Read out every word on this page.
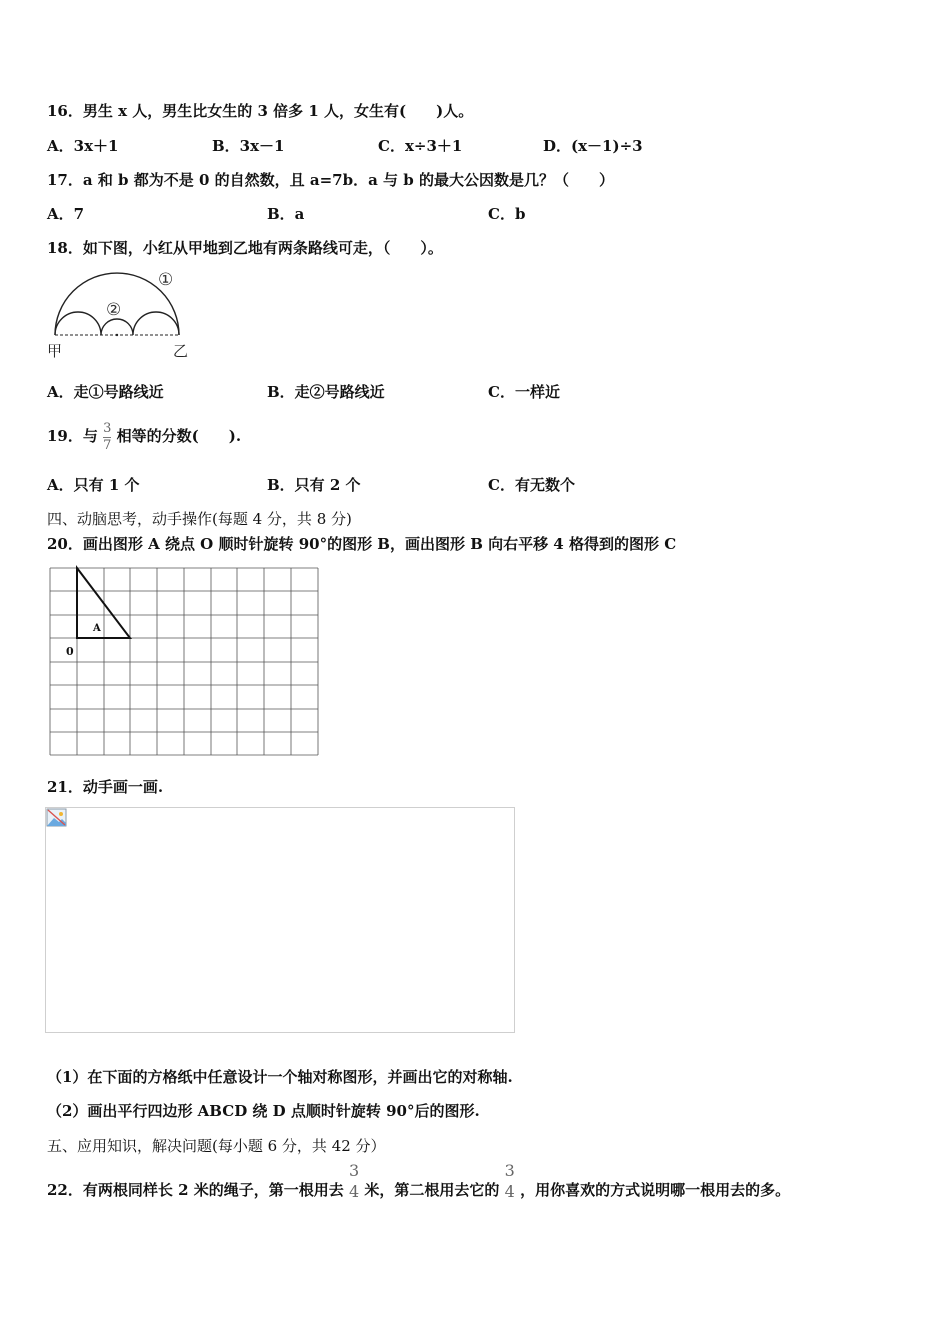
16．男生 x 人，男生比女生的 3 倍多 1 人，女生有(　　)人。
A．3x＋1	B．3x－1	C．x÷3＋1	D．(x－1)÷3
17．a 和 b 都为不是 0 的自然数，且 a=7b．a 与 b 的最大公因数是几？（　　）
A．7	B．a	C．b
18．如下图，小红从甲地到乙地有两条路线可走，（　　）。
①
②
甲	乙
A．走①号路线近	B．走②号路线近	C．一样近
19．与 $\frac{3}{7}$ 相等的分数(　　).
A．只有 1 个	B．只有 2 个	C．有无数个
四、动脑思考，动手操作(每题 4 分，共 8 分)
20．画出图形 A 绕点 O 顺时针旋转 90°的图形 B，画出图形 B 向右平移 4 格得到的图形 C
A
0
21．动手画一画.
（1）在下面的方格纸中任意设计一个轴对称图形，并画出它的对称轴.
（2）画出平行四边形 ABCD 绕 D 点顺时针旋转 90°后的图形.
五、应用知识，解决问题(每小题 6 分，共 42 分）
22．有两根同样长 2 米的绳子，第一根用去 $\frac{3}{4}$ 米，第二根用去它的 $\frac{3}{4}$ ，用你喜欢的方式说明哪一根用去的多。
